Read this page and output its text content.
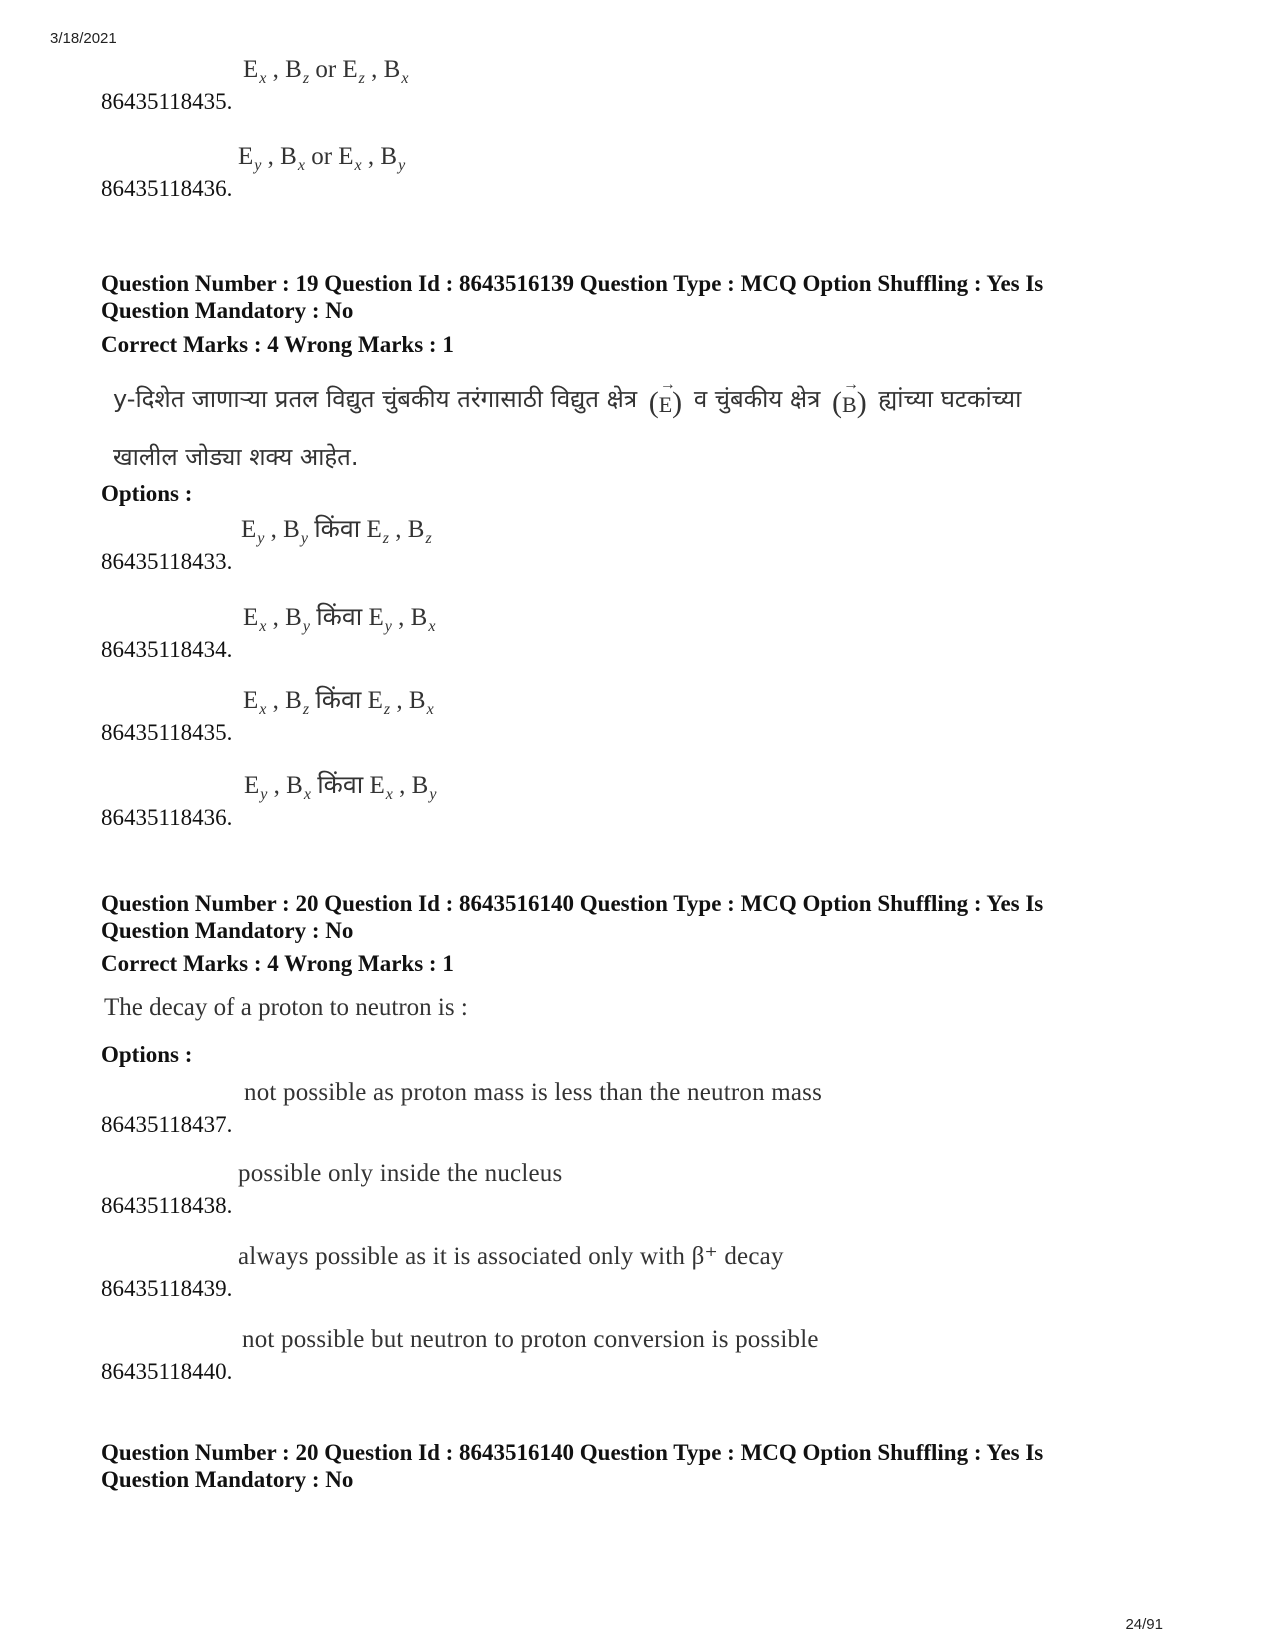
3/18/2021
24/91
86435118435.
$E_x$ , $B_z$ or $E_z$ , $B_x$
86435118436.
$E_y$ , $B_x$ or $E_x$ , $B_y$
Question Number : 19 Question Id : 8643516139 Question Type : MCQ Option Shuffling : Yes Is Question Mandatory : No
Correct Marks : 4 Wrong Marks : 1
y-दिशेत जाणाऱ्या प्रतल विद्युत चुंबकीय तरंगासाठी विद्युत क्षेत्र (
→
E) व चुंबकीय क्षेत्र (
→
B) ह्यांच्या घटकांच्या
खालील जोड्या शक्य आहेत.
Options :
86435118433.
$E_y$ , $B_y$ किंवा $E_z$ , $B_z$
86435118434.
$E_x$ , $B_y$ किंवा $E_y$ , $B_x$
86435118435.
$E_x$ , $B_z$ किंवा $E_z$ , $B_x$
86435118436.
$E_y$ , $B_x$ किंवा $E_x$ , $B_y$
Question Number : 20 Question Id : 8643516140 Question Type : MCQ Option Shuffling : Yes Is Question Mandatory : No
Correct Marks : 4 Wrong Marks : 1
The decay of a proton to neutron is :
Options :
86435118437.
not possible as proton mass is less than the neutron mass
86435118438.
possible only inside the nucleus
86435118439.
always possible as it is associated only with β⁺ decay
86435118440.
not possible but neutron to proton conversion is possible
Question Number : 20 Question Id : 8643516140 Question Type : MCQ Option Shuffling : Yes Is Question Mandatory : No
